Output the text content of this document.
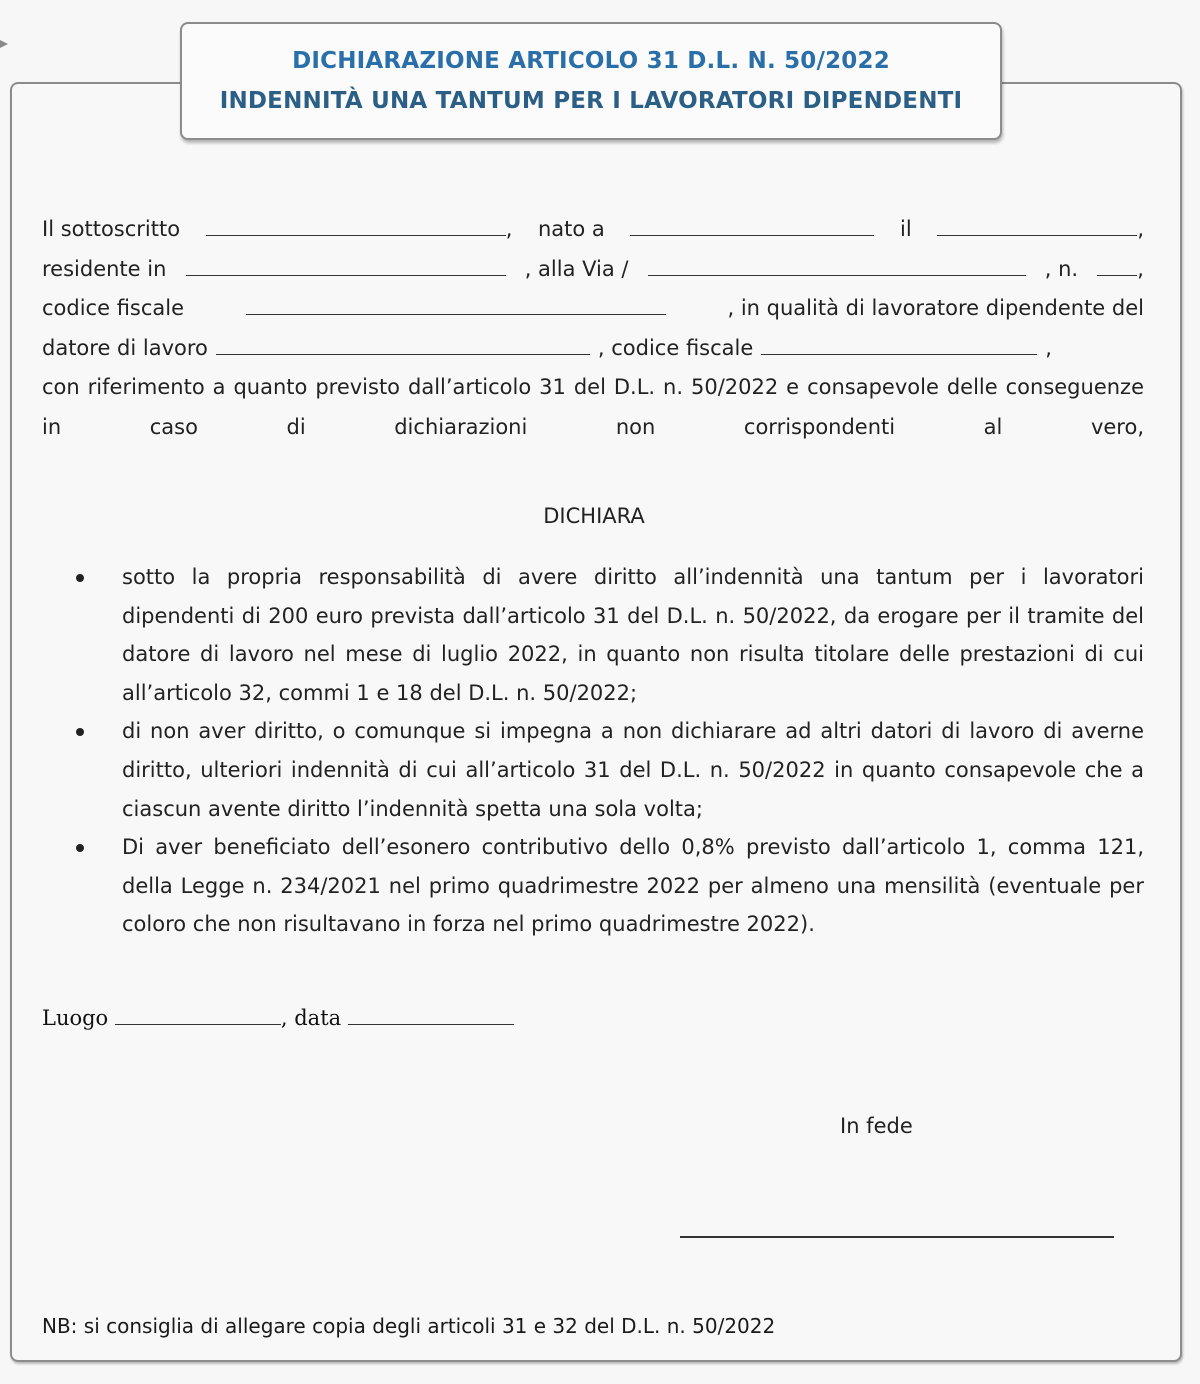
DICHIARAZIONE ARTICOLO 31 D.L. N. 50/2022
INDENNITÀ UNA TANTUM PER I LAVORATORI DIPENDENTI
Il sottoscritto	, nato a	il	,
residente in	, alla Via /	, n.	,
codice fiscale	, in qualità di lavoratore dipendente del
datore di lavoro	, codice fiscale	,
con riferimento a quanto previsto dall’articolo 31 del D.L. n. 50/2022 e consapevole delle conseguenze in caso di dichiarazioni non corrispondenti al vero,
DICHIARA
sotto la propria responsabilità di avere diritto all’indennità una tantum per i lavoratori dipendenti di 200 euro prevista dall’articolo 31 del D.L. n. 50/2022, da erogare per il tramite del datore di lavoro nel mese di luglio 2022, in quanto non risulta titolare delle prestazioni di cui all’articolo 32, commi 1 e 18 del D.L. n. 50/2022;
di non aver diritto, o comunque si impegna a non dichiarare ad altri datori di lavoro di averne diritto, ulteriori indennità di cui all’articolo 31 del D.L. n. 50/2022 in quanto consapevole che a ciascun avente diritto l’indennità spetta una sola volta;
Di aver beneficiato dell’esonero contributivo dello 0,8% previsto dall’articolo 1, comma 121, della Legge n. 234/2021 nel primo quadrimestre 2022 per almeno una mensilità (eventuale per coloro che non risultavano in forza nel primo quadrimestre 2022).
Luogo	, data
In fede
NB: si consiglia di allegare copia degli articoli 31 e 32 del D.L. n. 50/2022
